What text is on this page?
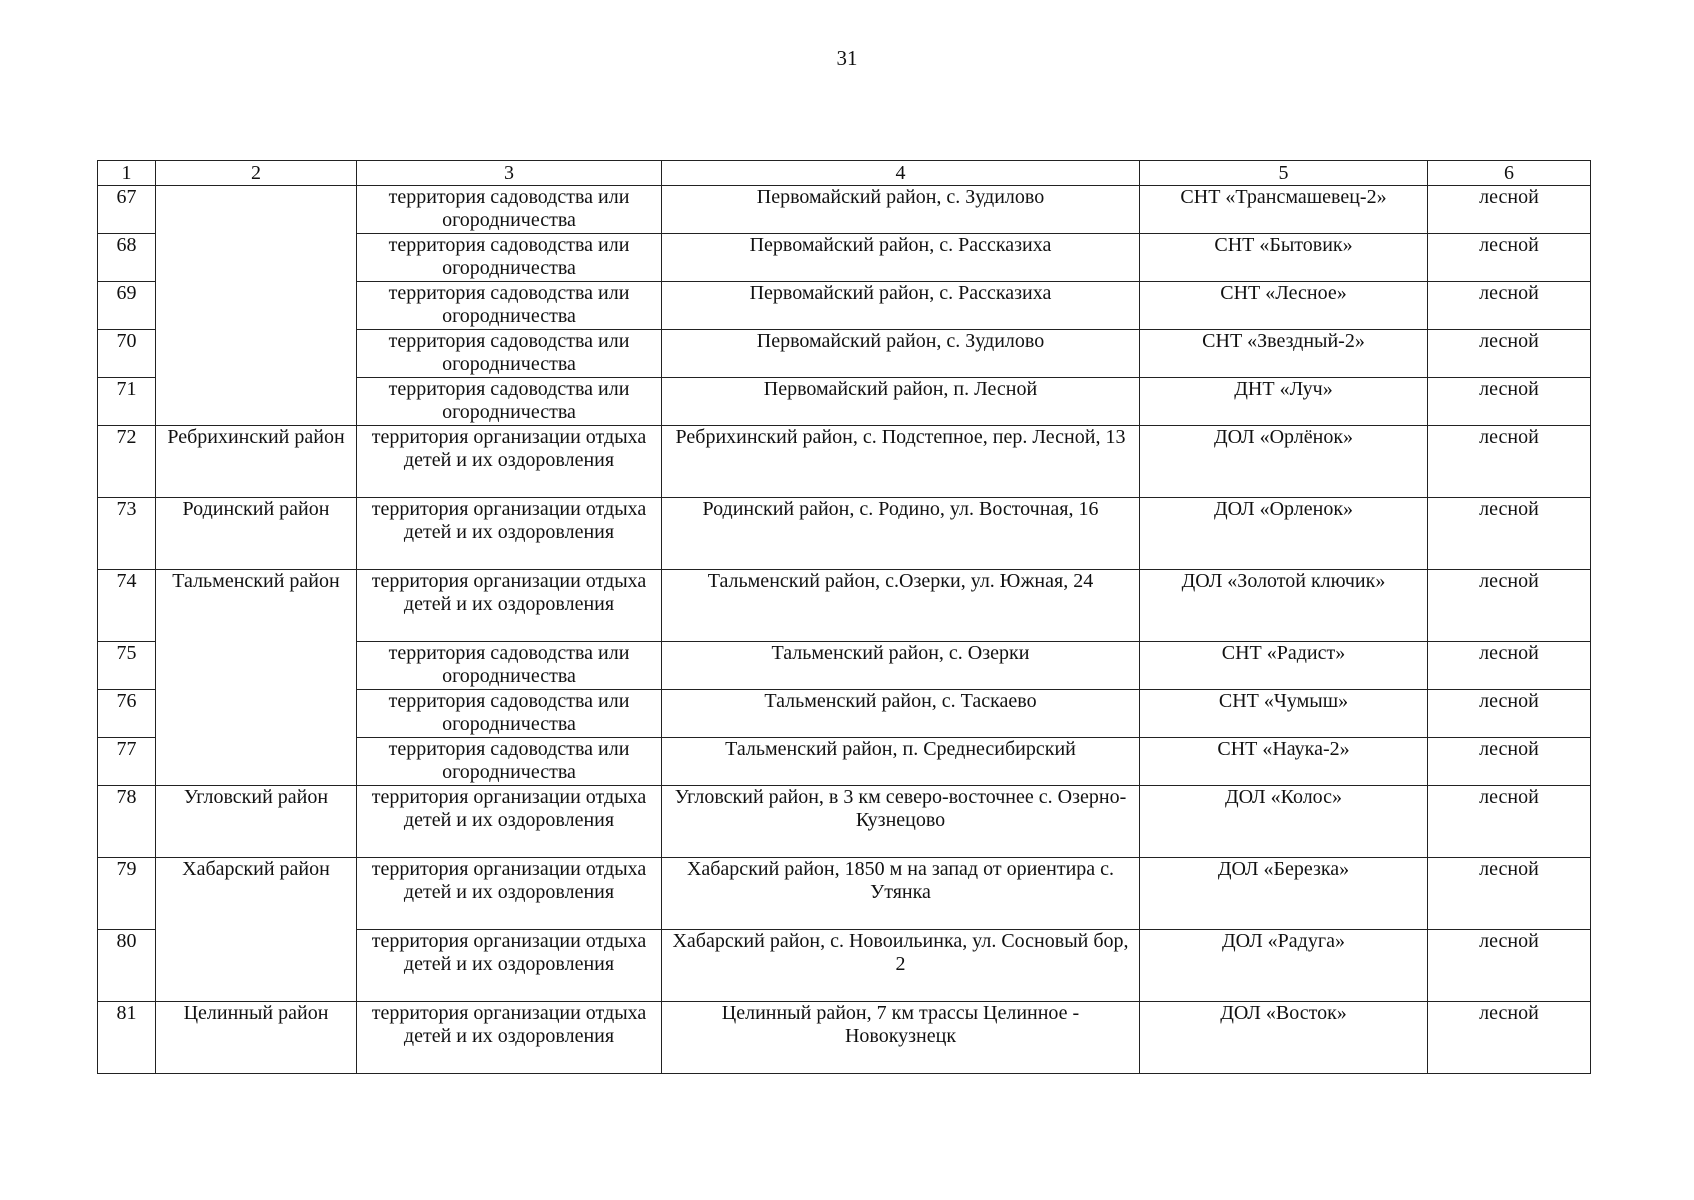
31
1	2	3	4	5	6
67		территория садоводства или огородничества	Первомайский район, с. Зудилово	СНТ «Трансмашевец-2»	лесной
68		территория садоводства или огородничества	Первомайский район, с. Рассказиха	СНТ «Бытовик»	лесной
69		территория садоводства или огородничества	Первомайский район, с. Рассказиха	СНТ «Лесное»	лесной
70		территория садоводства или огородничества	Первомайский район, с. Зудилово	СНТ «Звездный-2»	лесной
71		территория садоводства или огородничества	Первомайский район, п. Лесной	ДНТ «Луч»	лесной
72	Ребрихинский район	территория организации отдыха детей и их оздоровления	Ребрихинский район, с. Подстепное, пер. Лесной, 13	ДОЛ «Орлёнок»	лесной
73	Родинский район	территория организации отдыха детей и их оздоровления	Родинский район, с. Родино, ул. Восточная, 16	ДОЛ «Орленок»	лесной
74	Тальменский район	территория организации отдыха детей и их оздоровления	Тальменский район, с.Озерки, ул. Южная, 24	ДОЛ «Золотой ключик»	лесной
75		территория садоводства или огородничества	Тальменский район, с. Озерки	СНТ «Радист»	лесной
76		территория садоводства или огородничества	Тальменский район, с. Таскаево	СНТ «Чумыш»	лесной
77		территория садоводства или огородничества	Тальменский район, п. Среднесибирский	СНТ «Наука-2»	лесной
78	Угловский район	территория организации отдыха детей и их оздоровления	Угловский район, в 3 км северо-восточнее с. Озерно-Кузнецово	ДОЛ «Колос»	лесной
79	Хабарский район	территория организации отдыха детей и их оздоровления	Хабарский район, 1850 м на запад от ориентира с. Утянка	ДОЛ «Березка»	лесной
80		территория организации отдыха детей и их оздоровления	Хабарский район, с. Новоильинка, ул. Сосновый бор, 2	ДОЛ «Радуга»	лесной
81	Целинный район	территория организации отдыха детей и их оздоровления	Целинный район, 7 км трассы Целинное - Новокузнецк	ДОЛ «Восток»	лесной
